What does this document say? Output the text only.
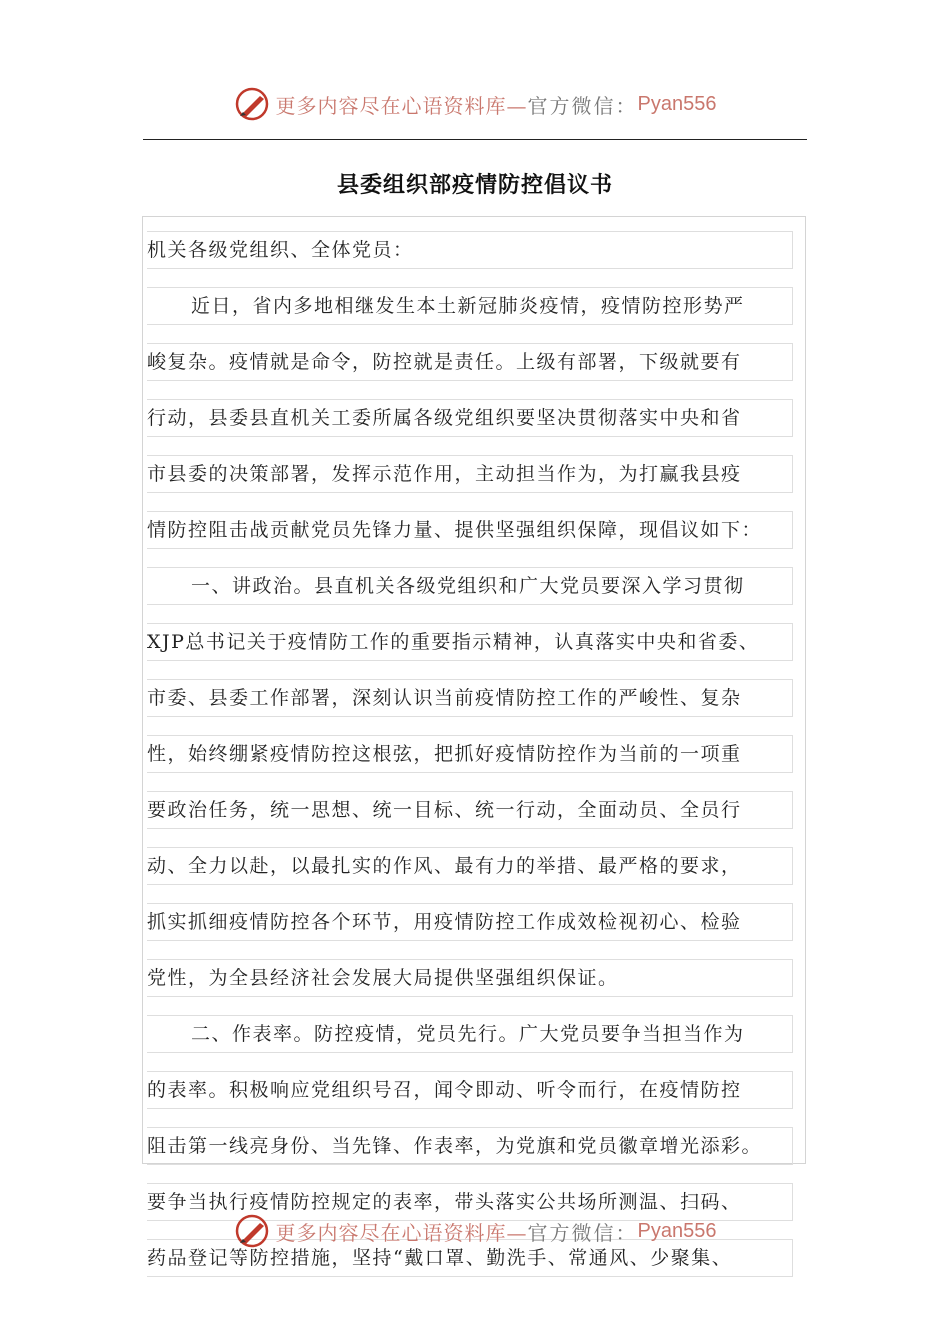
更多内容尽在心语资料库— 官方微信： Pyan556
县委组织部疫情防控倡议书
机关各级党组织、全体党员：
近日，省内多地相继发生本土新冠肺炎疫情，疫情防控形势严
峻复杂。疫情就是命令，防控就是责任。上级有部署，下级就要有
行动，县委县直机关工委所属各级党组织要坚决贯彻落实中央和省
市县委的决策部署，发挥示范作用，主动担当作为，为打赢我县疫
情防控阻击战贡献党员先锋力量、提供坚强组织保障，现倡议如下：
一、讲政治。县直机关各级党组织和广大党员要深入学习贯彻
XJP总书记关于疫情防工作的重要指示精神，认真落实中央和省委、
市委、县委工作部署，深刻认识当前疫情防控工作的严峻性、复杂
性，始终绷紧疫情防控这根弦，把抓好疫情防控作为当前的一项重
要政治任务，统一思想、统一目标、统一行动，全面动员、全员行
动、全力以赴，以最扎实的作风、最有力的举措、最严格的要求，
抓实抓细疫情防控各个环节，用疫情防控工作成效检视初心、检验
党性，为全县经济社会发展大局提供坚强组织保证。
二、作表率。防控疫情，党员先行。广大党员要争当担当作为
的表率。积极响应党组织号召，闻令即动、听令而行，在疫情防控
阻击第一线亮身份、当先锋、作表率，为党旗和党员徽章增光添彩。
要争当执行疫情防控规定的表率，带头落实公共场所测温、扫码、
药品登记等防控措施，坚持“戴口罩、勤洗手、常通风、少聚集、
更多内容尽在心语资料库— 官方微信： Pyan556
